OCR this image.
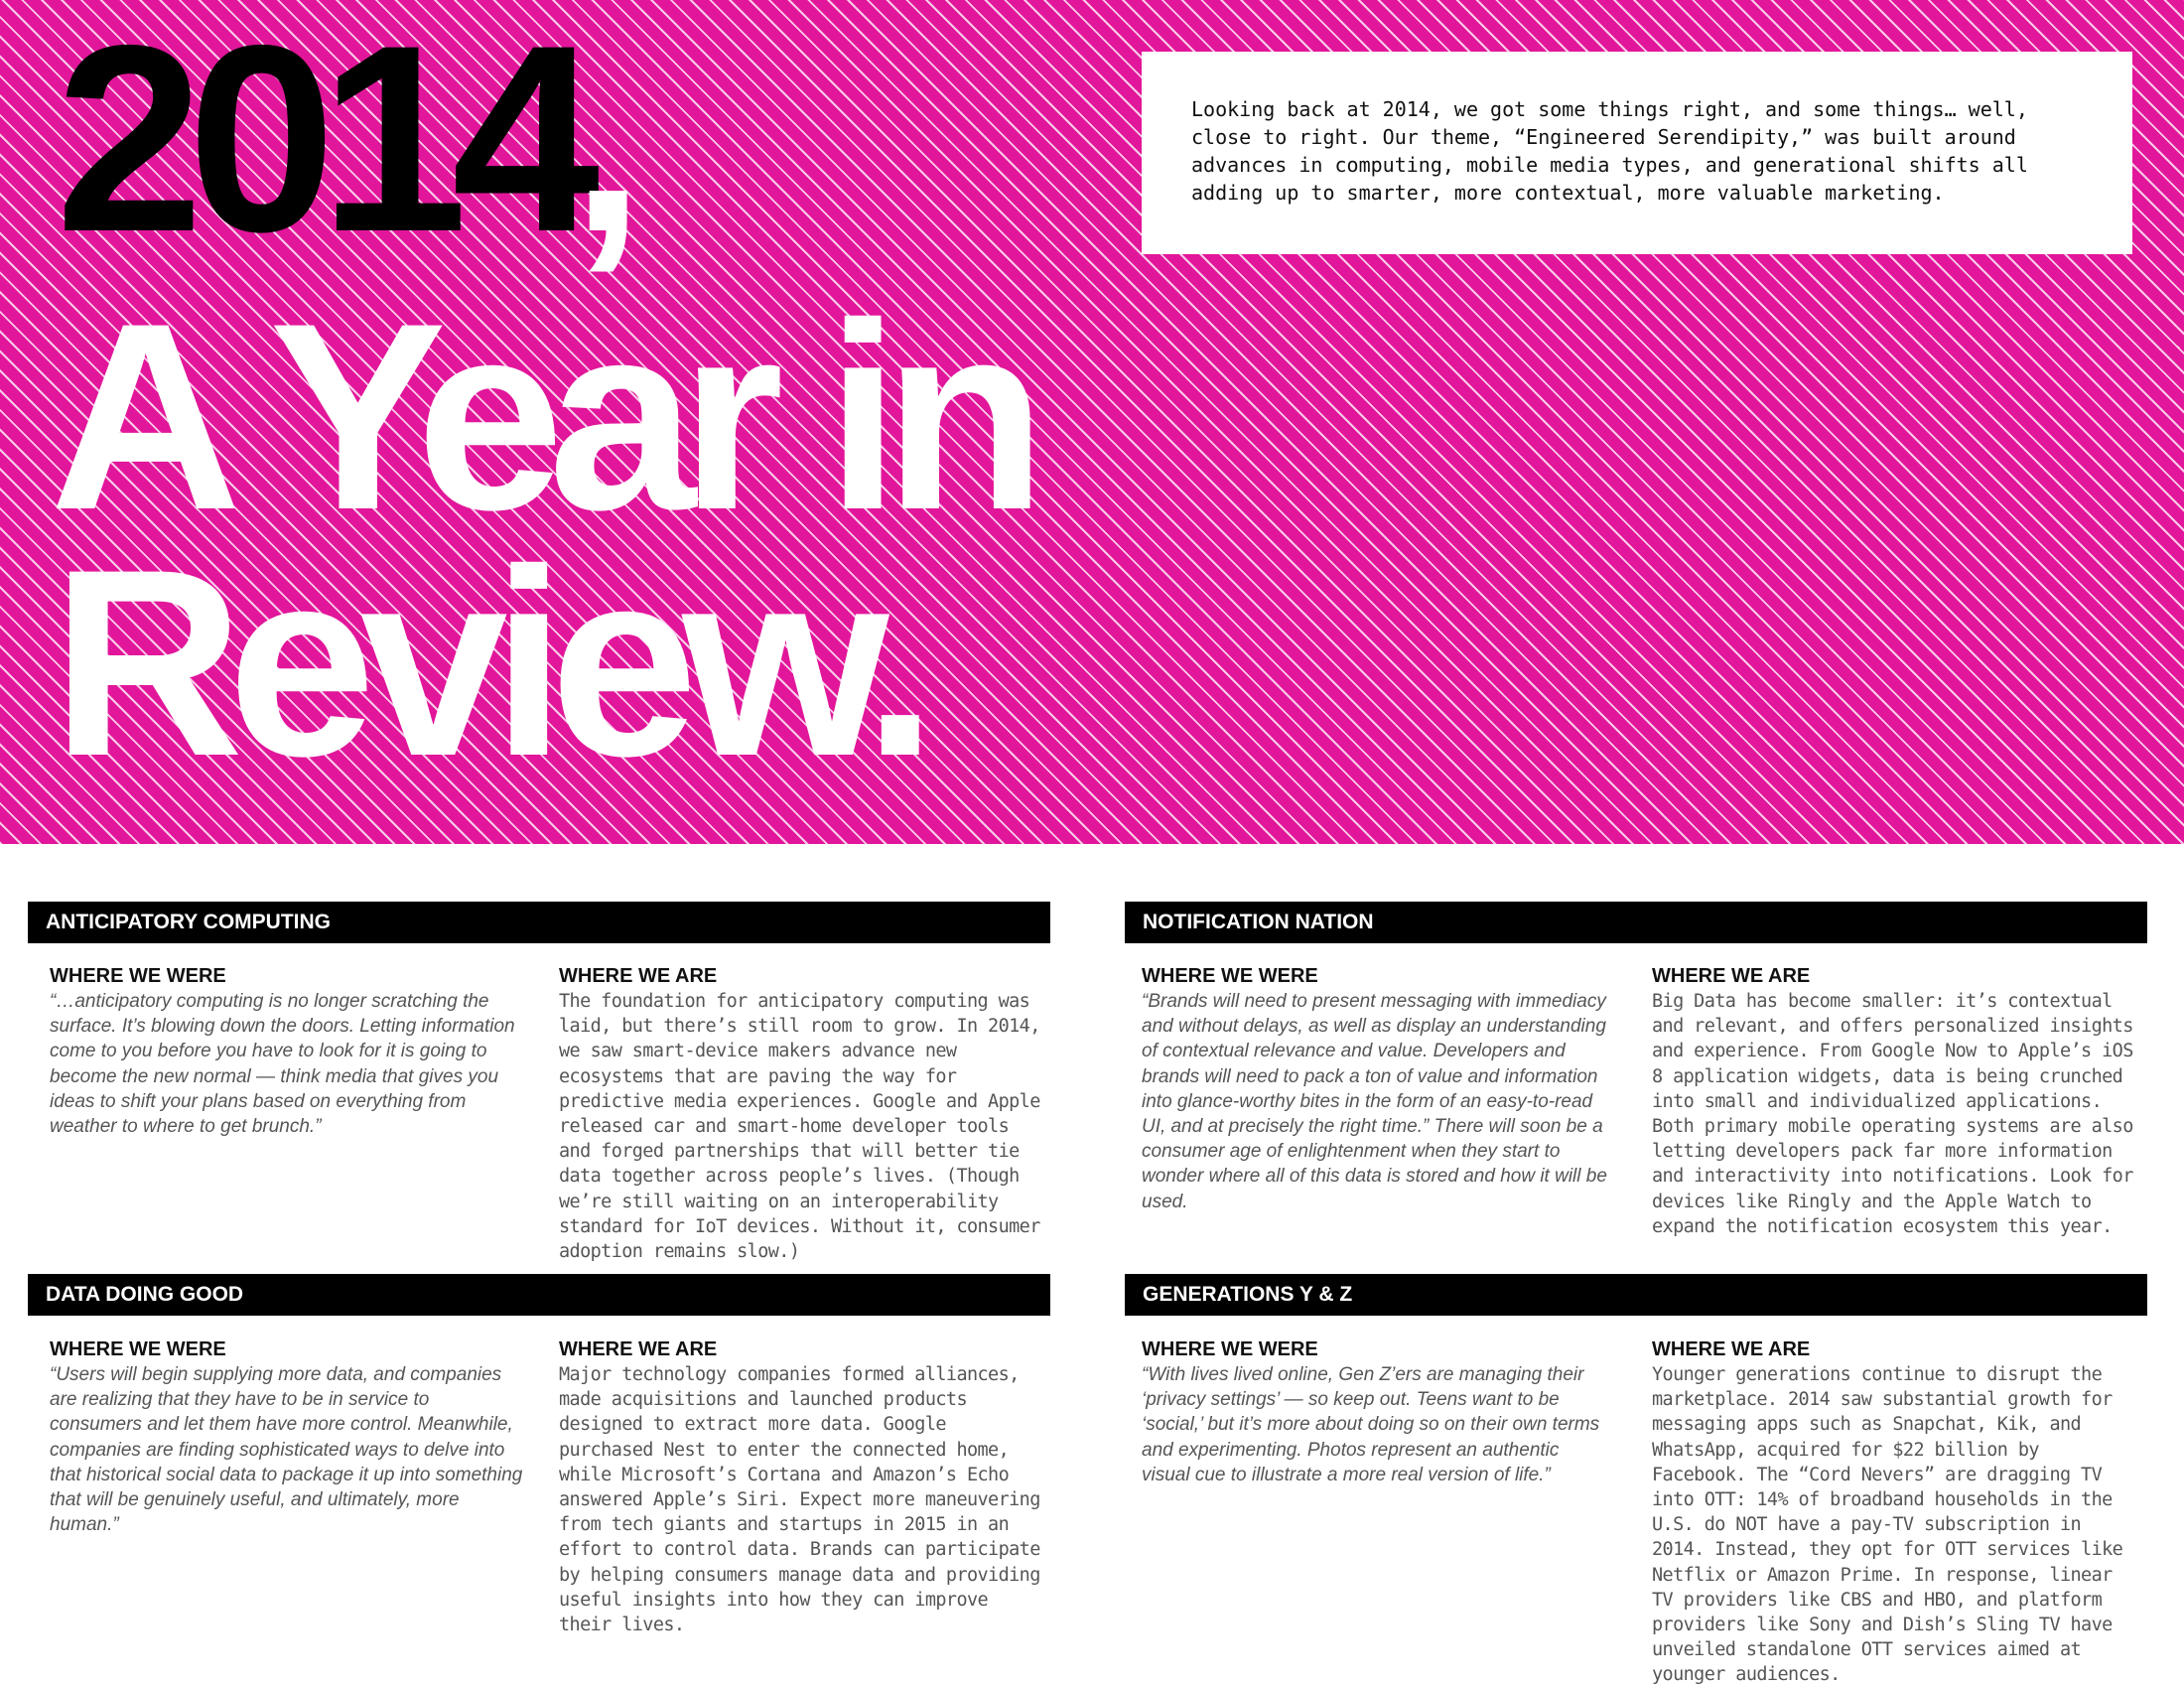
2014
,
A Year in
Review.

Looking back at 2014, we got some things right, and some things… well, close to right. Our theme, “Engineered Serendipity,” was built around advances in computing, mobile media types, and generational shifts all adding up to smarter, more contextual, more valuable marketing.

ANTICIPATORY COMPUTING

WHERE WE WERE

“…anticipatory computing is no longer scratching the surface. It’s blowing down the doors. Letting information come to you before you have to look for it is going to become the new normal — think media that gives you ideas to shift your plans based on everything from weather to where to get brunch.”

WHERE WE ARE

The foundation for anticipatory computing was laid, but there’s still room to grow. In 2014, we saw smart-device makers advance new ecosystems that are paving the way for predictive media experiences. Google and Apple released car and smart-home developer tools and forged partnerships that will better tie data together across people’s lives. (Though we’re still waiting on an interoperability standard for IoT devices. Without it, consumer adoption remains slow.)

NOTIFICATION NATION

WHERE WE WERE

“Brands will need to present messaging with immediacy and without delays, as well as display an understanding of contextual relevance and value. Developers and brands will need to pack a ton of value and information into glance-worthy bites in the form of an easy-to-read UI, and at precisely the right time.” There will soon be a consumer age of enlightenment when they start to wonder where all of this data is stored and how it will be used.

WHERE WE ARE

Big Data has become smaller: it’s contextual and relevant, and offers personalized insights and experience. From Google Now to Apple’s iOS 8 application widgets, data is being crunched into small and individualized applications. Both primary mobile operating systems are also letting developers pack far more information and interactivity into notifications. Look for devices like Ringly and the Apple Watch to expand the notification ecosystem this year.

DATA DOING GOOD

WHERE WE WERE

“Users will begin supplying more data, and companies are realizing that they have to be in service to consumers and let them have more control. Meanwhile, companies are finding sophisticated ways to delve into that historical social data to package it up into something that will be genuinely useful, and ultimately, more human.”

WHERE WE ARE

Major technology companies formed alliances, made acquisitions and launched products designed to extract more data. Google purchased Nest to enter the connected home, while Microsoft’s Cortana and Amazon’s Echo answered Apple’s Siri. Expect more maneuvering from tech giants and startups in 2015 in an effort to control data. Brands can participate by helping consumers manage data and providing useful insights into how they can improve their lives.

GENERATIONS Y & Z

WHERE WE WERE

“With lives lived online, Gen Z’ers are managing their ‘privacy settings’ — so keep out. Teens want to be ‘social,’ but it’s more about doing so on their own terms and experimenting. Photos represent an authentic visual cue to illustrate a more real version of life.”

WHERE WE ARE

Younger generations continue to disrupt the marketplace. 2014 saw substantial growth for messaging apps such as Snapchat, Kik, and WhatsApp, acquired for $22 billion by Facebook. The “Cord Nevers” are dragging TV into OTT: 14% of broadband households in the U.S. do NOT have a pay-TV subscription in 2014. Instead, they opt for OTT services like Netflix or Amazon Prime. In response, linear TV providers like CBS and HBO, and platform providers like Sony and Dish’s Sling TV have unveiled standalone OTT services aimed at younger audiences.
